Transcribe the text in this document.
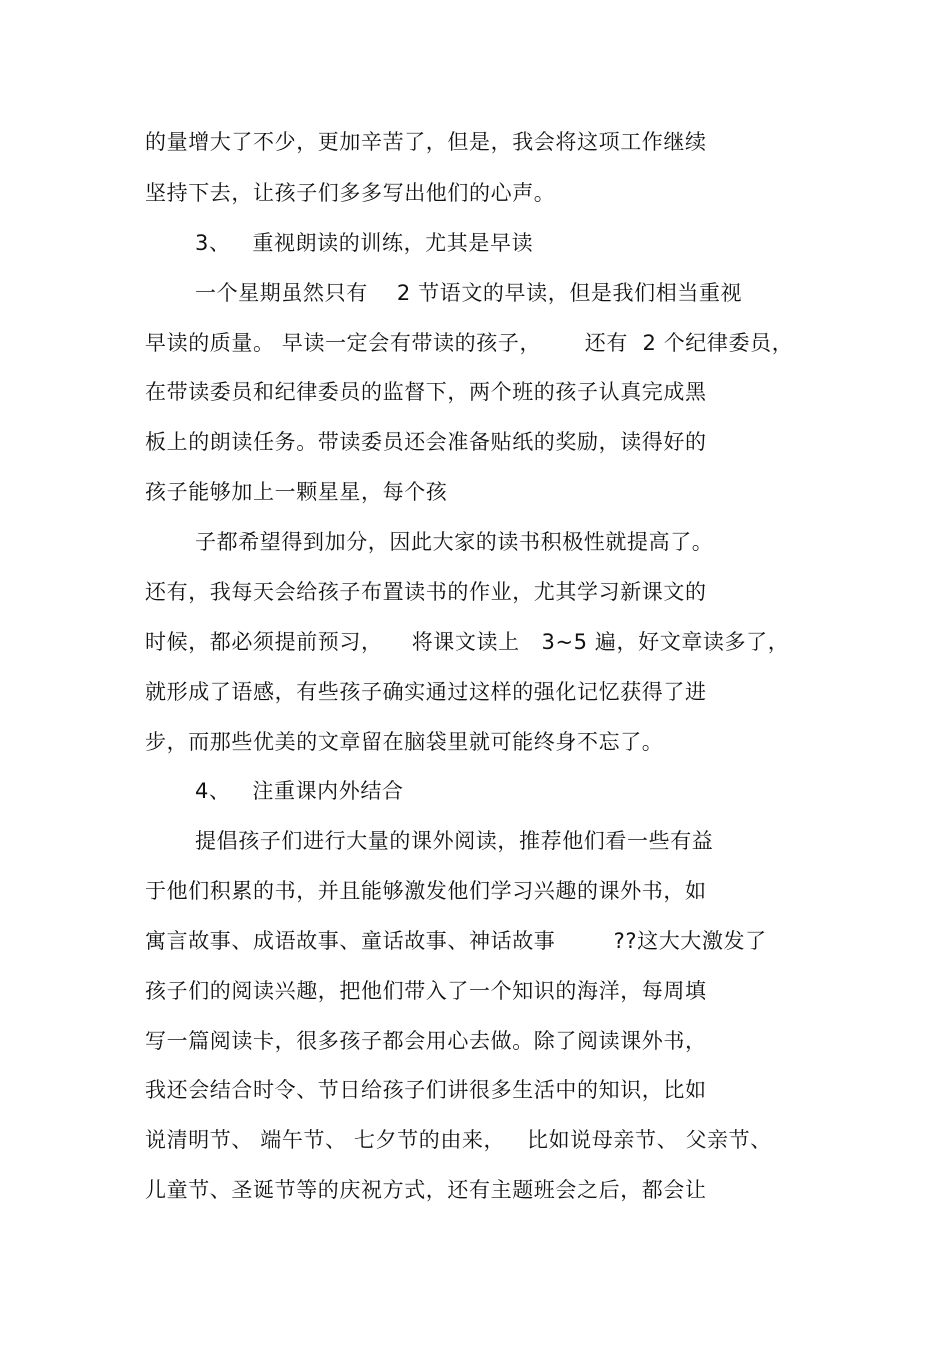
的量增大了不少，更加辛苦了，但是，我会将这项工作继续
坚持下去，让孩子们多多写出他们的心声。
3、   重视朗读的训练，尤其是早读
一个星期虽然只有    2 节语文的早读，但是我们相当重视
早读的质量。 早读一定会有带读的孩子，      还有  2 个纪律委员，
在带读委员和纪律委员的监督下，两个班的孩子认真完成黑
板上的朗读任务。带读委员还会准备贴纸的奖励，读得好的
孩子能够加上一颗星星，每个孩
子都希望得到加分，因此大家的读书积极性就提高了。
还有，我每天会给孩子布置读书的作业，尤其学习新课文的
时候，都必须提前预习，    将课文读上   3~5 遍，好文章读多了，
就形成了语感，有些孩子确实通过这样的强化记忆获得了进
步，而那些优美的文章留在脑袋里就可能终身不忘了。
4、   注重课内外结合
提倡孩子们进行大量的课外阅读，推荐他们看一些有益
于他们积累的书，并且能够激发他们学习兴趣的课外书，如
寓言故事、成语故事、童话故事、神话故事        ??这大大激发了
孩子们的阅读兴趣，把他们带入了一个知识的海洋，每周填
写一篇阅读卡，很多孩子都会用心去做。除了阅读课外书，
我还会结合时令、节日给孩子们讲很多生活中的知识，比如
说清明节、 端午节、 七夕节的由来，   比如说母亲节、 父亲节、
儿童节、圣诞节等的庆祝方式，还有主题班会之后，都会让
